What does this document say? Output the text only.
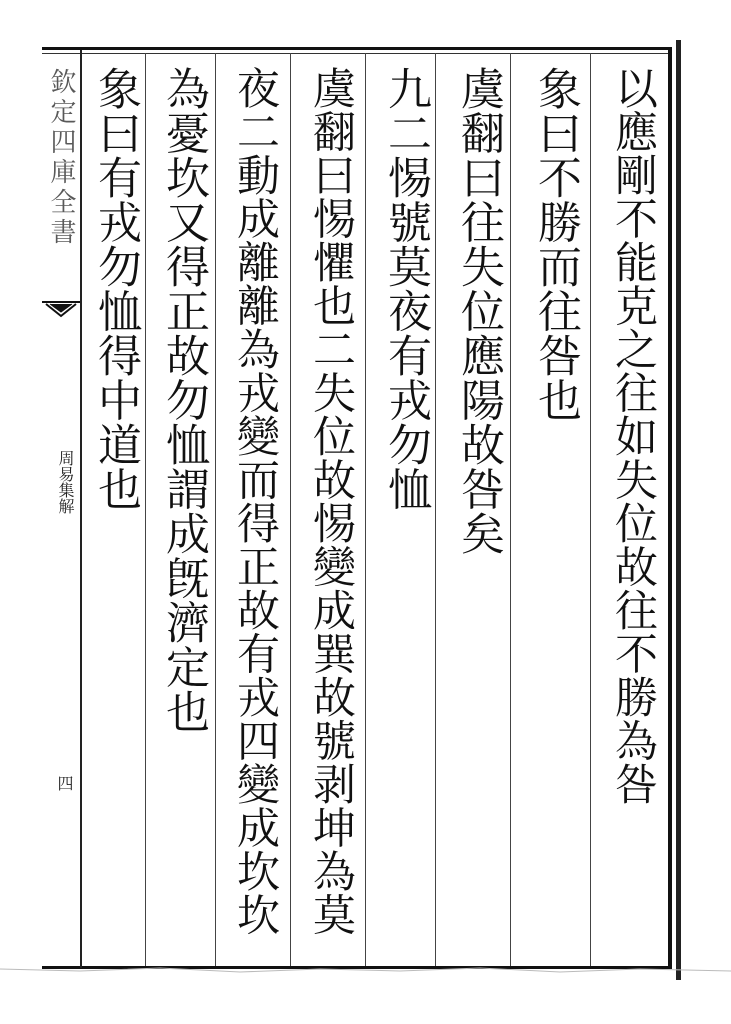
欽定四庫全書
周易集解
四	以應剛不能克之往如失位故往不勝為咎
象曰不勝而往咎也
虞翻曰往失位應陽故咎矣
九二惕號莫夜有戎勿恤
虞翻曰惕懼也二失位故惕變成巽故號剥坤為莫
夜二動成離離為戎變而得正故有戎四變成坎坎
為憂坎又得正故勿恤謂成旣濟定也
象曰有戎勿恤得中道也
